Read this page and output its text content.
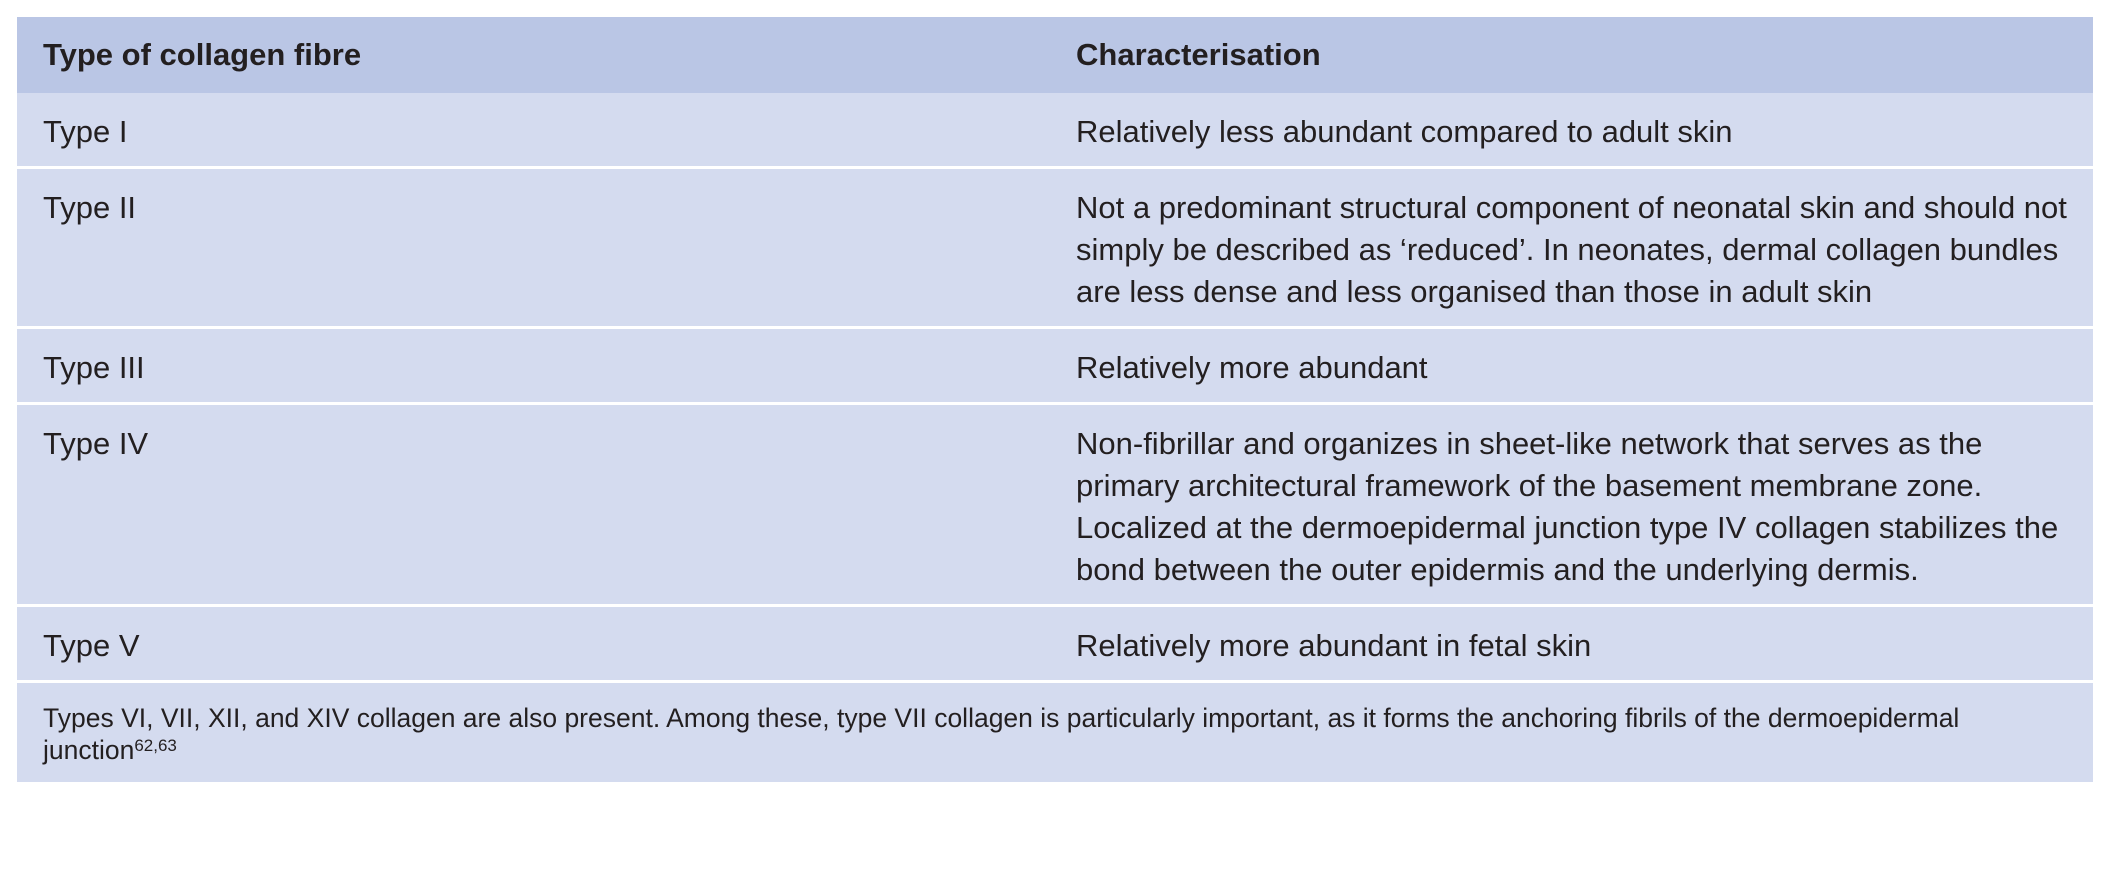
Type of collagen fibre	Characterisation
Type I	Relatively less abundant compared to adult skin
Type II	Not a predominant structural component of neonatal skin and should not simply be described as ‘reduced’. In neonates, dermal collagen bundles are less dense and less organised than those in adult skin
Type III	Relatively more abundant
Type IV	Non-fibrillar and organizes in sheet-like network that serves as the primary architectural framework of the basement membrane zone. Localized at the dermoepidermal junction type IV collagen stabilizes the bond between the outer epidermis and the underlying dermis.
Type V	Relatively more abundant in fetal skin
Types VI, VII, XII, and XIV collagen are also present. Among these, type VII collagen is particularly important, as it forms the anchoring fibrils of the dermoepidermal junction$^{62,63}$
